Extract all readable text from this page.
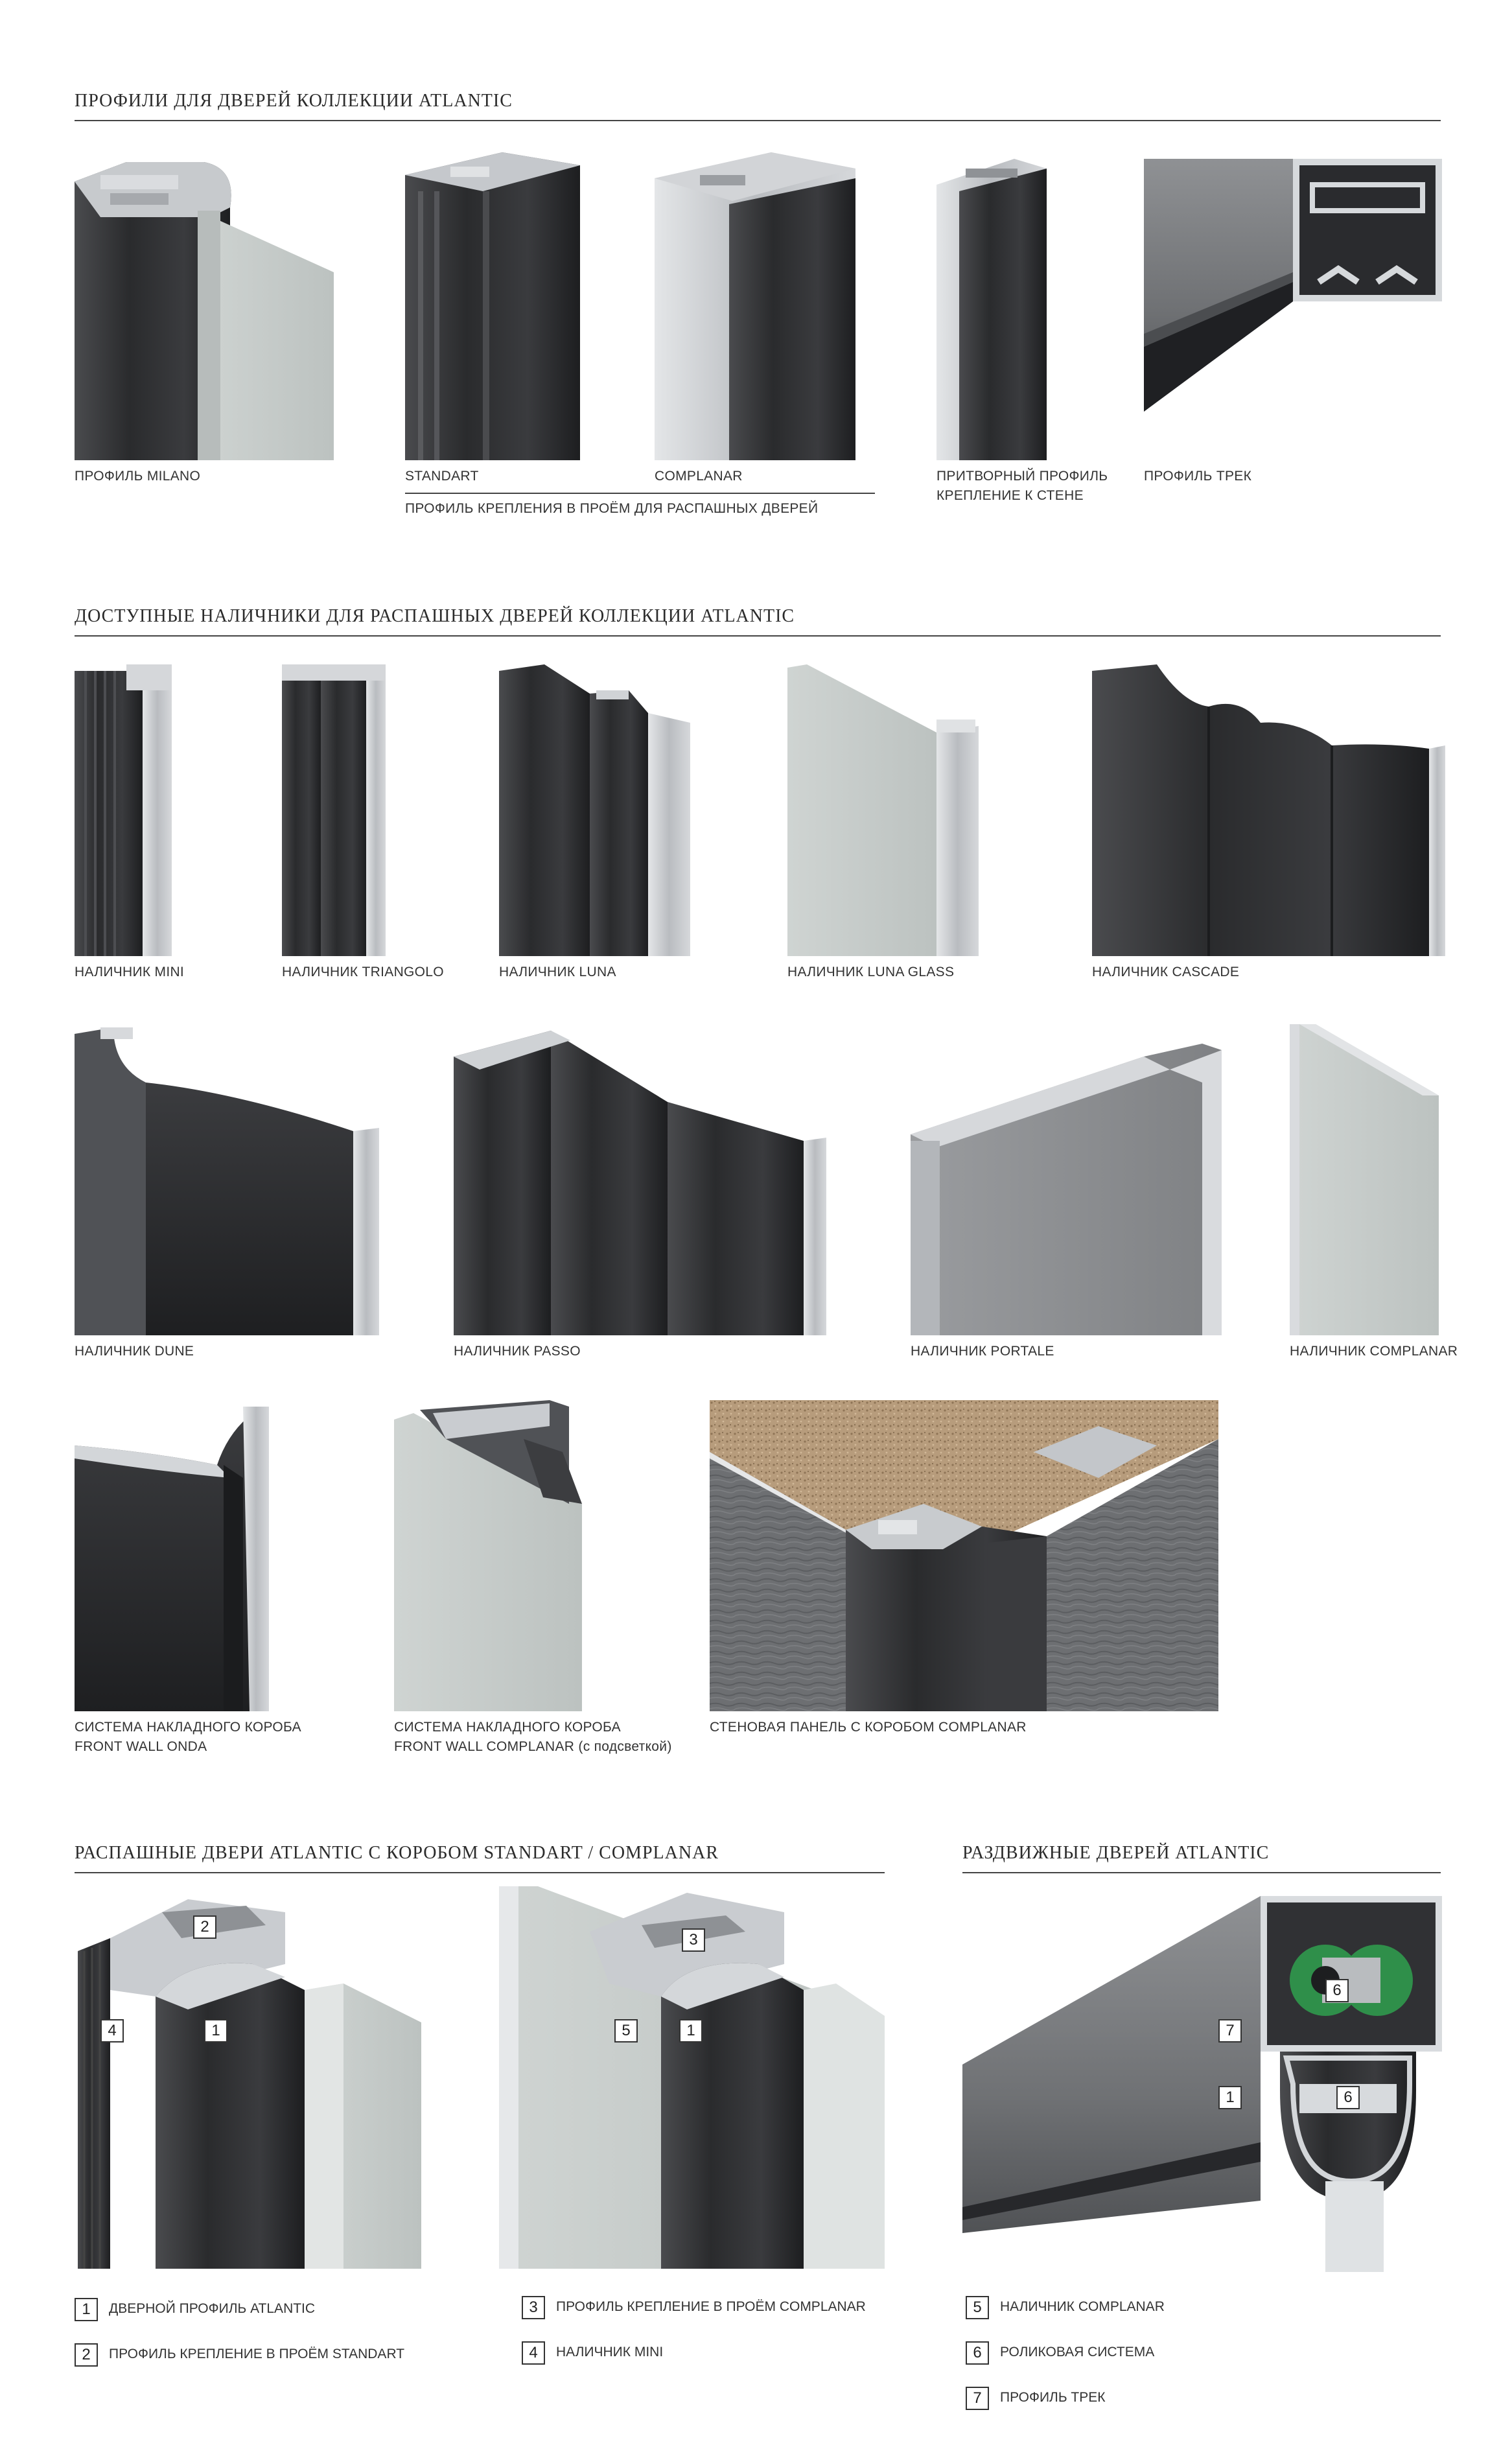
ПРОФИЛИ ДЛЯ ДВЕРЕЙ КОЛЛЕКЦИИ ATLANTIC
ПРОФИЛЬ MILANO	STANDART	COMPLANAR
ПРОФИЛЬ КРЕПЛЕНИЯ В ПРОЁМ ДЛЯ РАСПАШНЫХ ДВЕРЕЙ
ПРИТВОРНЫЙ ПРОФИЛЬ
КРЕПЛЕНИЕ К СТЕНЕ
ПРОФИЛЬ ТРЕК
ДОСТУПНЫЕ НАЛИЧНИКИ ДЛЯ РАСПАШНЫХ ДВЕРЕЙ КОЛЛЕКЦИИ ATLANTIC
НАЛИЧНИК MINI	НАЛИЧНИК TRIANGOLO	НАЛИЧНИК LUNA	НАЛИЧНИК LUNA GLASS	НАЛИЧНИК CASCADE
НАЛИЧНИК DUNE	НАЛИЧНИК PASSO	НАЛИЧНИК PORTALE	НАЛИЧНИК COMPLANAR
СИСТЕМА НАКЛАДНОГО КОРОБА
FRONT WALL ONDA
СИСТЕМА НАКЛАДНОГО КОРОБА
FRONT WALL COMPLANAR (с подсветкой)
СТЕНОВАЯ ПАНЕЛЬ С КОРОБОМ COMPLANAR
РАСПАШНЫЕ ДВЕРИ ATLANTIC С КОРОБОМ STANDART / COMPLANAR
2
4	1
3
5	1
РАЗДВИЖНЫЕ ДВЕРЕЙ ATLANTIC
6
7
1	6
1	ДВЕРНОЙ ПРОФИЛЬ ATLANTIC
2	ПРОФИЛЬ КРЕПЛЕНИЕ В ПРОЁМ STANDART
3	ПРОФИЛЬ КРЕПЛЕНИЕ В ПРОЁМ COMPLANAR
4	НАЛИЧНИК MINI
5	НАЛИЧНИК COMPLANAR
6	РОЛИКОВАЯ СИСТЕМА
7	ПРОФИЛЬ ТРЕК
